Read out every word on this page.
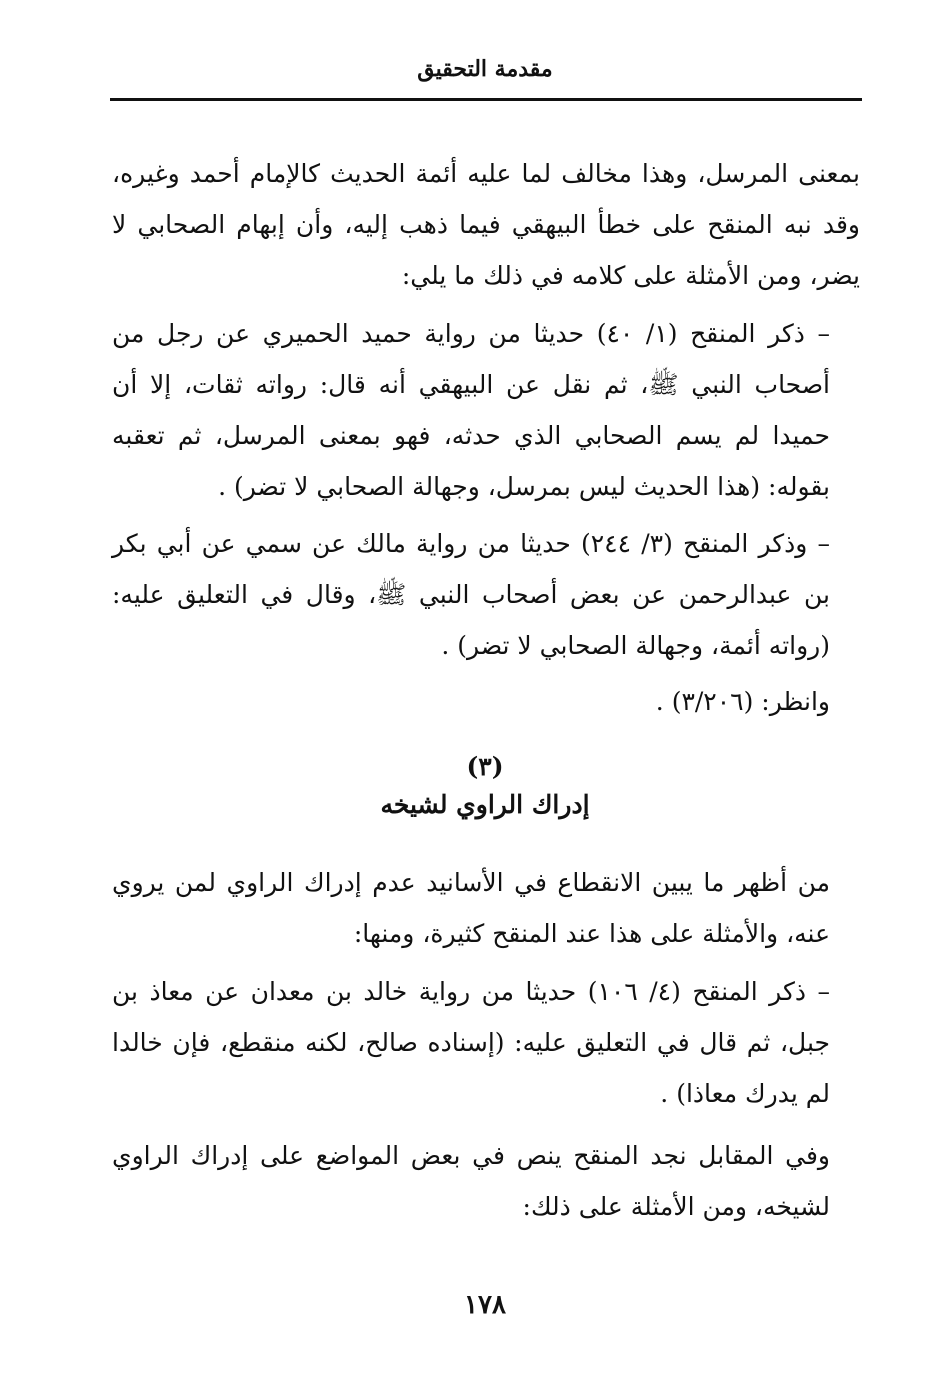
مقدمة التحقيق

بمعنى المرسل، وهذا مخالف لما عليه أئمة الحديث كالإمام أحمد وغيره، وقد نبه المنقح على خطأ البيهقي فيما ذهب إليه، وأن إبهام الصحابي لا يضر، ومن الأمثلة على كلامه في ذلك ما يلي:

– ذكر المنقح (١/ ٤٠) حديثا من رواية حميد الحميري عن رجل من أصحاب النبي ﷺ، ثم نقل عن البيهقي أنه قال: رواته ثقات، إلا أن حميدا لم يسم الصحابي الذي حدثه، فهو بمعنى المرسل، ثم تعقبه بقوله: (هذا الحديث ليس بمرسل، وجهالة الصحابي لا تضر) .

– وذكر المنقح (٣/ ٢٤٤) حديثا من رواية مالك عن سمي عن أبي بكر بن عبدالرحمن عن بعض أصحاب النبي ﷺ، وقال في التعليق عليه: (رواته أئمة، وجهالة الصحابي لا تضر) .

وانظر: (٣/٢٠٦) .

(٣)
إدراك الراوي لشيخه

من أظهر ما يبين الانقطاع في الأسانيد عدم إدراك الراوي لمن يروي عنه، والأمثلة على هذا عند المنقح كثيرة، ومنها:

– ذكر المنقح (٤/ ١٠٦) حديثا من رواية خالد بن معدان عن معاذ بن جبل، ثم قال في التعليق عليه: (إسناده صالح، لكنه منقطع، فإن خالدا لم يدرك معاذا) .

وفي المقابل نجد المنقح ينص في بعض المواضع على إدراك الراوي لشيخه، ومن الأمثلة على ذلك:

١٧٨
